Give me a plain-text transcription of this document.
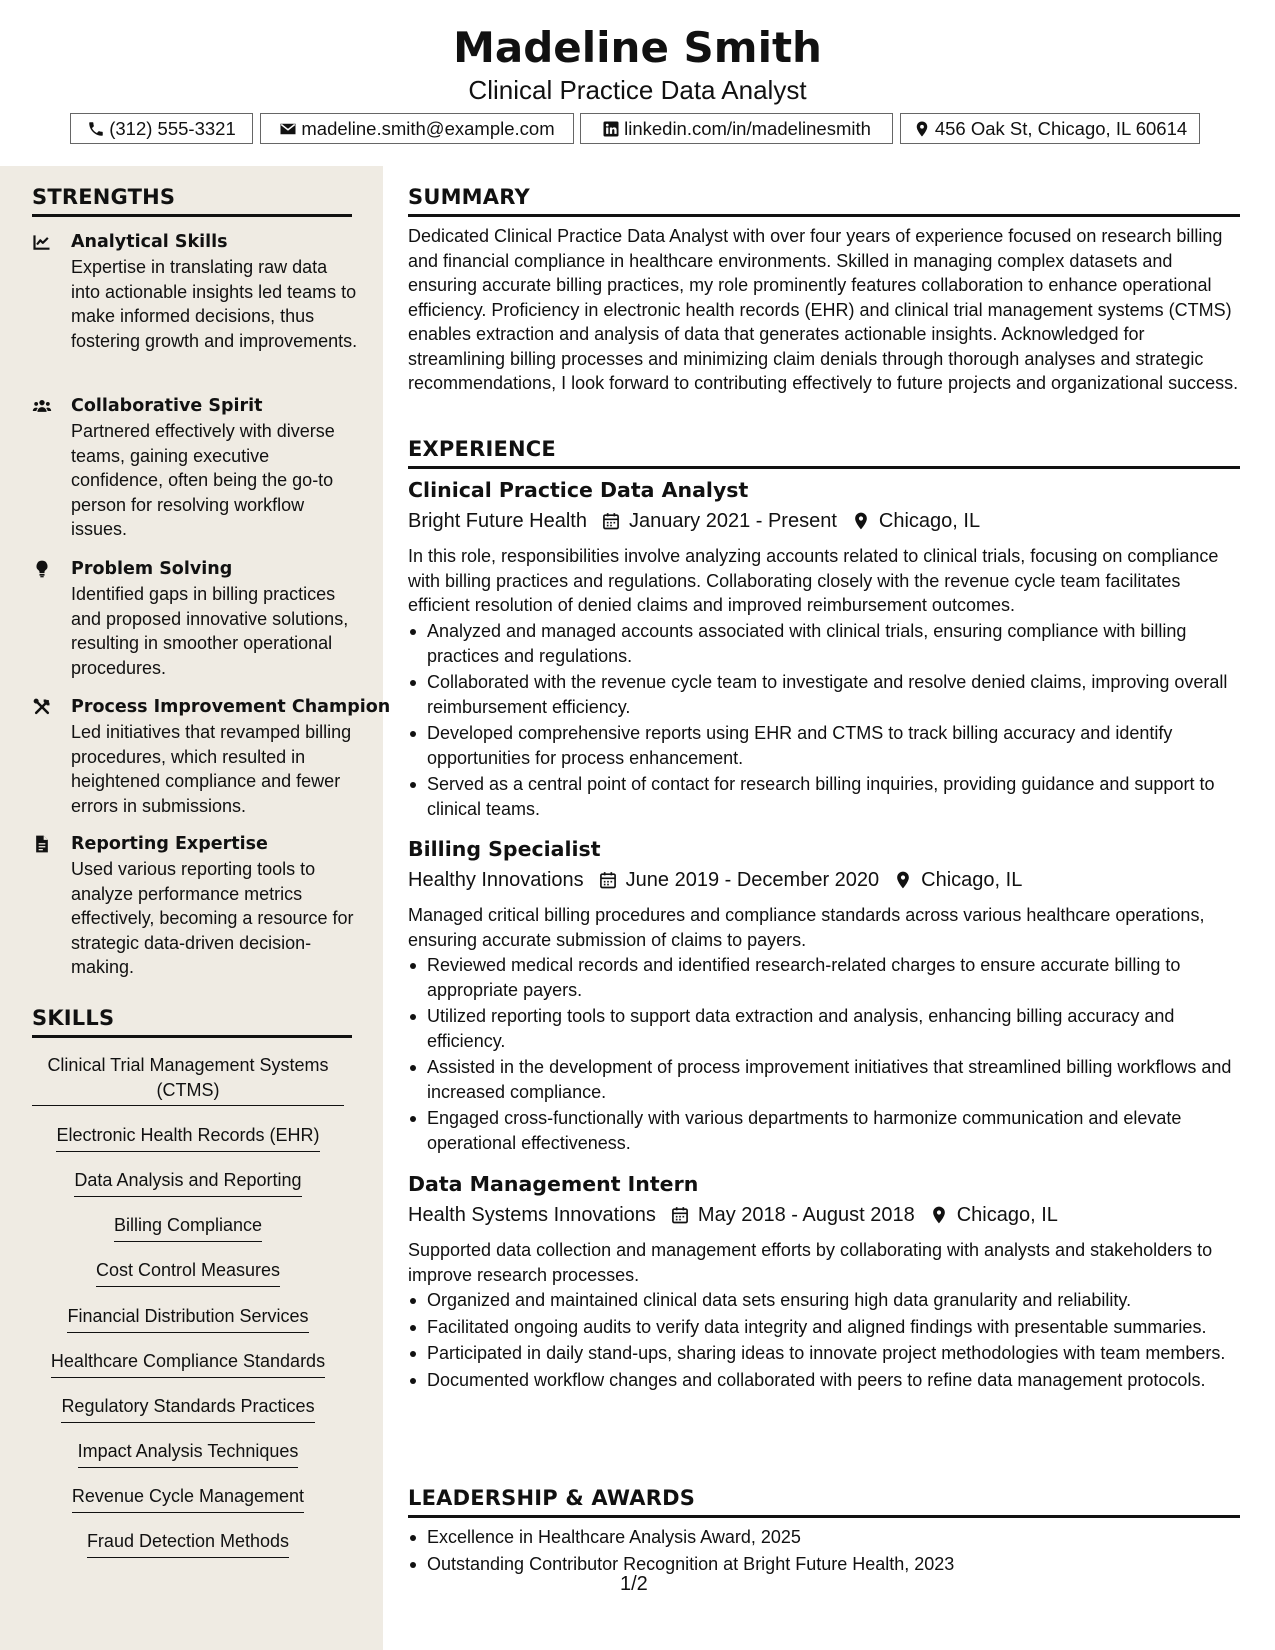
Madeline Smith
Clinical Practice Data Analyst
(312) 555-3321	madeline.smith@example.com	linkedin.com/in/madelinesmith	456 Oak St, Chicago, IL 60614
STRENGTHS
Analytical Skills
Expertise in translating raw data into actionable insights led teams to make informed decisions, thus fostering growth and improvements.
Collaborative Spirit
Partnered effectively with diverse teams, gaining executive confidence, often being the go-to person for resolving workflow issues.
Problem Solving
Identified gaps in billing practices and proposed innovative solutions, resulting in smoother operational procedures.
Process Improvement Champion
Led initiatives that revamped billing procedures, which resulted in heightened compliance and fewer errors in submissions.
Reporting Expertise
Used various reporting tools to analyze performance metrics effectively, becoming a resource for strategic data-driven decision-making.
SKILLS
Clinical Trial Management Systems (CTMS)
Electronic Health Records (EHR)
Data Analysis and Reporting
Billing Compliance
Cost Control Measures
Financial Distribution Services
Healthcare Compliance Standards
Regulatory Standards Practices
Impact Analysis Techniques
Revenue Cycle Management
Fraud Detection Methods
SUMMARY
Dedicated Clinical Practice Data Analyst with over four years of experience focused on research billing and financial compliance in healthcare environments. Skilled in managing complex datasets and ensuring accurate billing practices, my role prominently features collaboration to enhance operational efficiency. Proficiency in electronic health records (EHR) and clinical trial management systems (CTMS) enables extraction and analysis of data that generates actionable insights. Acknowledged for streamlining billing processes and minimizing claim denials through thorough analyses and strategic recommendations, I look forward to contributing effectively to future projects and organizational success.
EXPERIENCE
Clinical Practice Data Analyst
Bright Future Health January 2021 - Present Chicago, IL
In this role, responsibilities involve analyzing accounts related to clinical trials, focusing on compliance with billing practices and regulations. Collaborating closely with the revenue cycle team facilitates efficient resolution of denied claims and improved reimbursement outcomes.
Analyzed and managed accounts associated with clinical trials, ensuring compliance with billing practices and regulations.
Collaborated with the revenue cycle team to investigate and resolve denied claims, improving overall reimbursement efficiency.
Developed comprehensive reports using EHR and CTMS to track billing accuracy and identify opportunities for process enhancement.
Served as a central point of contact for research billing inquiries, providing guidance and support to clinical teams.
Billing Specialist
Healthy Innovations June 2019 - December 2020 Chicago, IL
Managed critical billing procedures and compliance standards across various healthcare operations, ensuring accurate submission of claims to payers.
Reviewed medical records and identified research-related charges to ensure accurate billing to appropriate payers.
Utilized reporting tools to support data extraction and analysis, enhancing billing accuracy and efficiency.
Assisted in the development of process improvement initiatives that streamlined billing workflows and increased compliance.
Engaged cross-functionally with various departments to harmonize communication and elevate operational effectiveness.
Data Management Intern
Health Systems Innovations May 2018 - August 2018 Chicago, IL
Supported data collection and management efforts by collaborating with analysts and stakeholders to improve research processes.
Organized and maintained clinical data sets ensuring high data granularity and reliability.
Facilitated ongoing audits to verify data integrity and aligned findings with presentable summaries.
Participated in daily stand-ups, sharing ideas to innovate project methodologies with team members.
Documented workflow changes and collaborated with peers to refine data management protocols.
LEADERSHIP & AWARDS
Excellence in Healthcare Analysis Award, 2025
Outstanding Contributor Recognition at Bright Future Health, 2023
1/2
